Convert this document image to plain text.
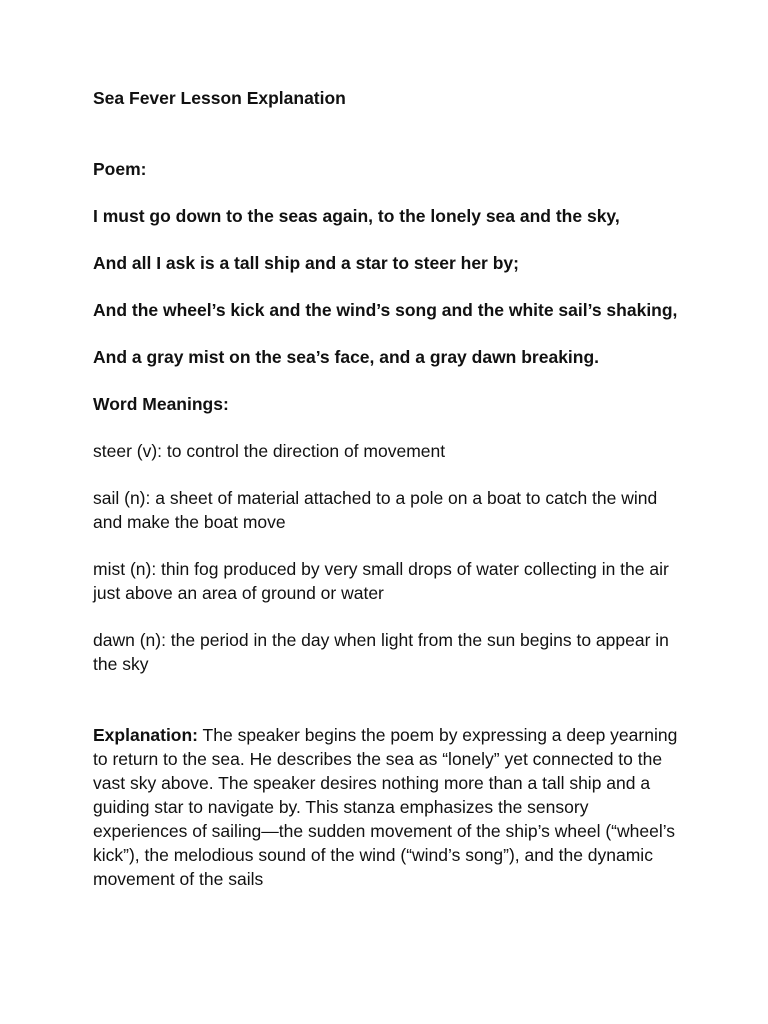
Sea Fever Lesson Explanation

Poem:

I must go down to the seas again, to the lonely sea and the sky,

And all I ask is a tall ship and a star to steer her by;

And the wheel’s kick and the wind’s song and the white sail’s shaking,

And a gray mist on the sea’s face, and a gray dawn breaking.

Word Meanings:

steer (v): to control the direction of movement

sail (n): a sheet of material attached to a pole on a boat to catch the wind and make the boat move

mist (n): thin fog produced by very small drops of water collecting in the air just above an area of ground or water

dawn (n): the period in the day when light from the sun begins to appear in the sky

Explanation: The speaker begins the poem by expressing a deep yearning to return to the sea. He describes the sea as “lonely” yet connected to the vast sky above. The speaker desires nothing more than a tall ship and a guiding star to navigate by. This stanza emphasizes the sensory experiences of sailing—the sudden movement of the ship’s wheel (“wheel’s kick”), the melodious sound of the wind (“wind’s song”), and the dynamic movement of the sails
